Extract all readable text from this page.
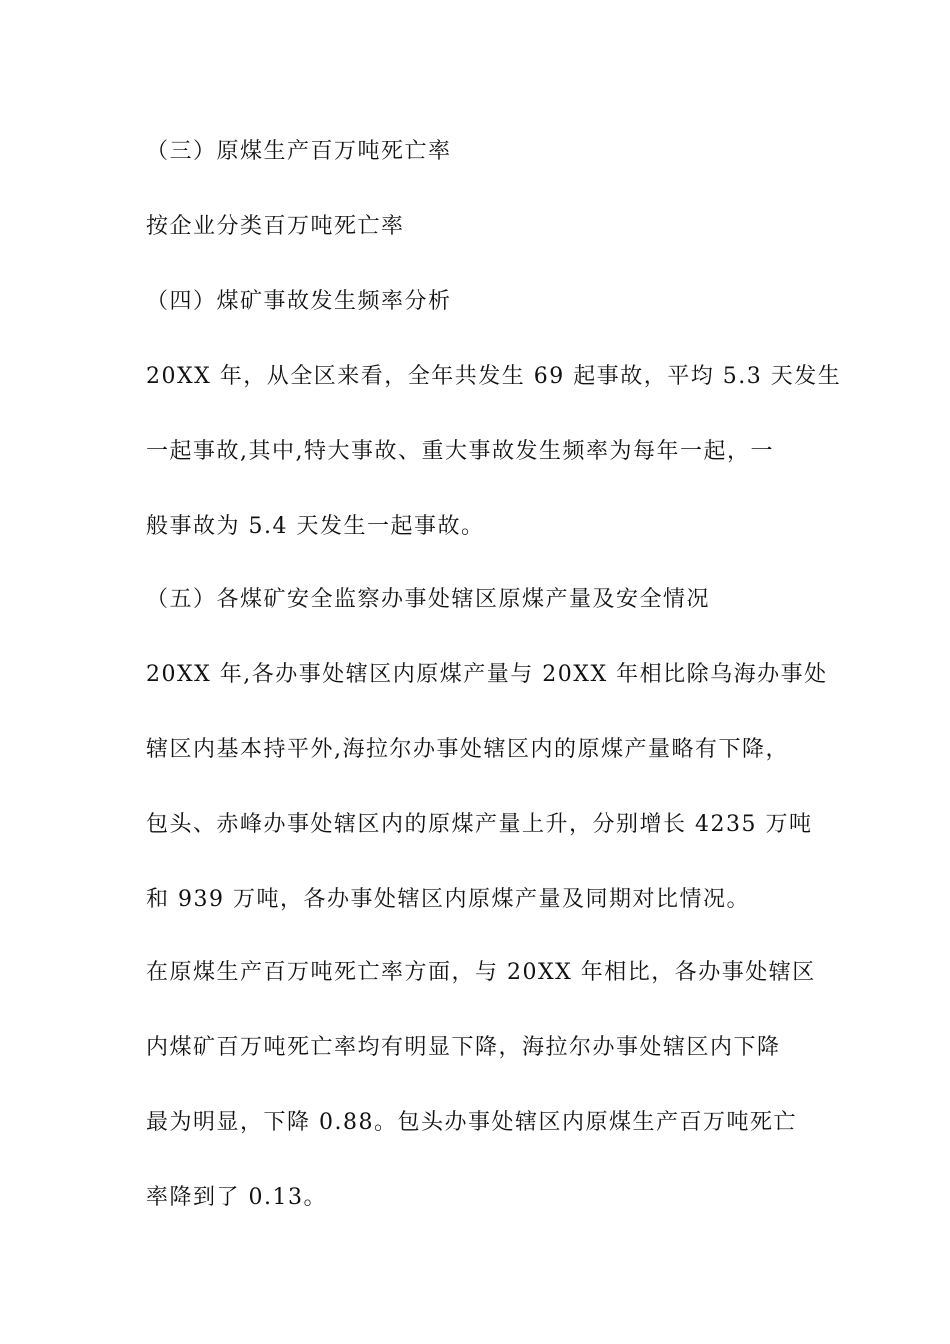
（三）原煤生产百万吨死亡率
按企业分类百万吨死亡率
（四）煤矿事故发生频率分析
20XX 年，从全区来看，全年共发生 69 起事故，平均 5.3 天发生
一起事故,其中,特大事故、重大事故发生频率为每年一起，一
般事故为 5.4 天发生一起事故。
（五）各煤矿安全监察办事处辖区原煤产量及安全情况
20XX 年,各办事处辖区内原煤产量与 20XX 年相比除乌海办事处
辖区内基本持平外,海拉尔办事处辖区内的原煤产量略有下降，
包头、赤峰办事处辖区内的原煤产量上升，分别增长 4235 万吨
和 939 万吨，各办事处辖区内原煤产量及同期对比情况。
在原煤生产百万吨死亡率方面，与 20XX 年相比，各办事处辖区
内煤矿百万吨死亡率均有明显下降，海拉尔办事处辖区内下降
最为明显，下降 0.88。包头办事处辖区内原煤生产百万吨死亡
率降到了 0.13。
